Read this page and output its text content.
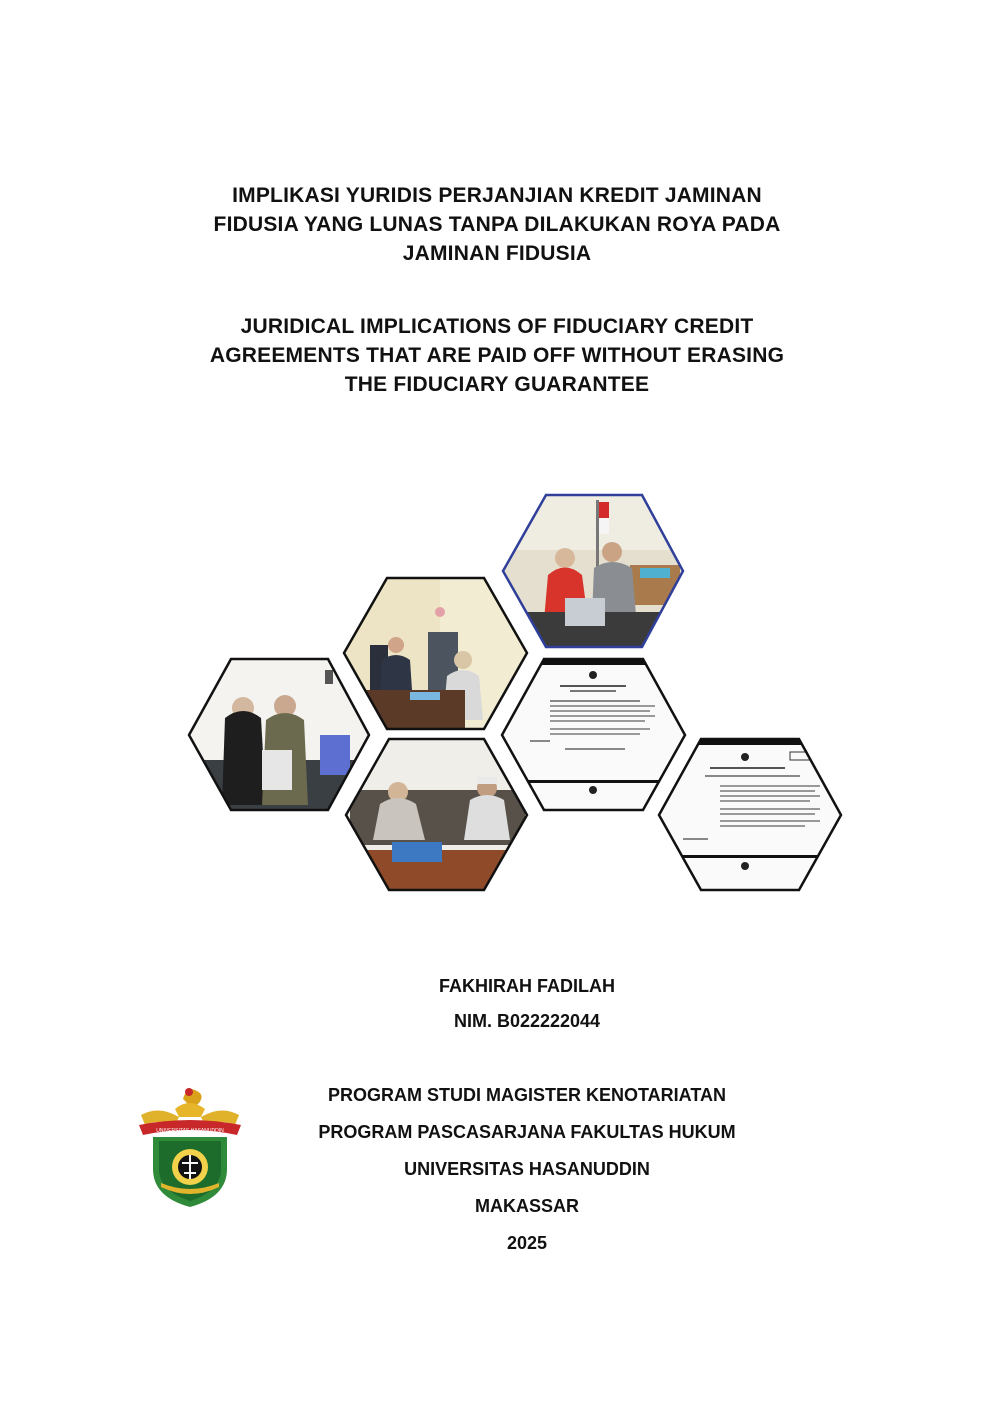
IMPLIKASI YURIDIS PERJANJIAN KREDIT JAMINAN
FIDUSIA YANG LUNAS TANPA DILAKUKAN ROYA PADA
JAMINAN FIDUSIA
JURIDICAL IMPLICATIONS OF FIDUCIARY CREDIT
AGREEMENTS THAT ARE PAID OFF WITHOUT ERASING
THE FIDUCIARY GUARANTEE
FAKHIRAH FADILAH
NIM. B022222044
PROGRAM STUDI MAGISTER KENOTARIATAN
PROGRAM PASCASARJANA FAKULTAS HUKUM
UNIVERSITAS HASANUDDIN
MAKASSAR
2025
UNIVERSITAS HASANUDDIN
